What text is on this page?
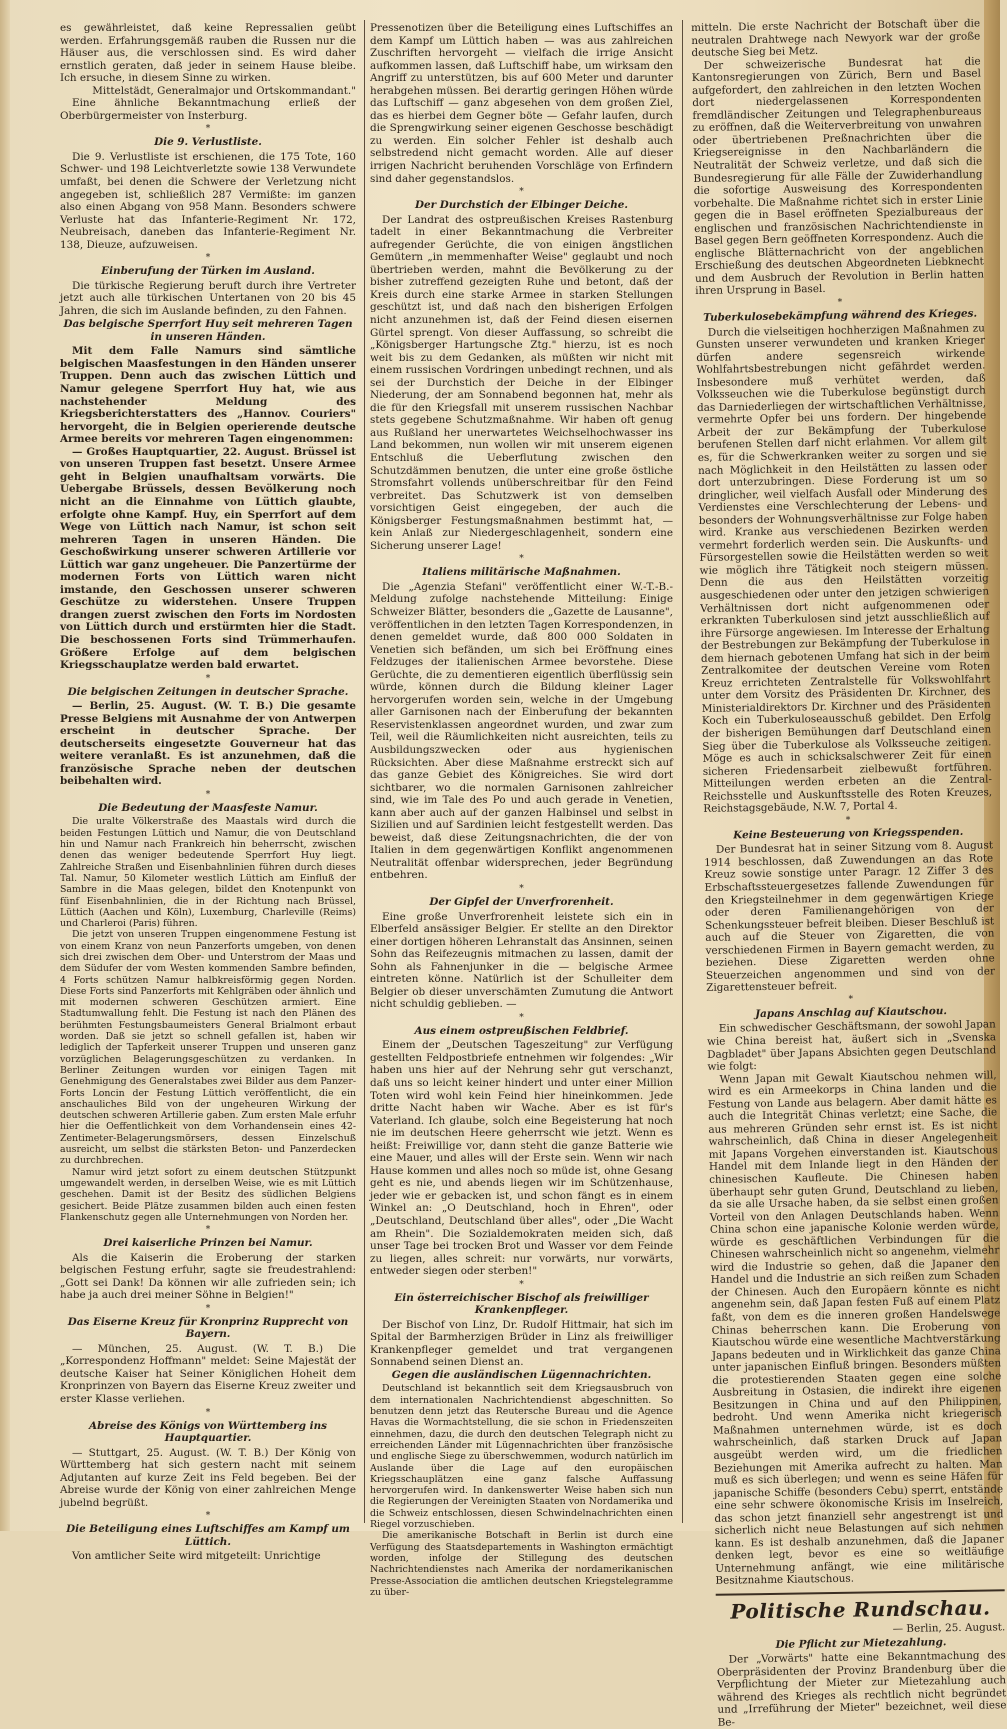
es gewährleistet, daß keine Repressalien geübt werden. Erfahrungsgemäß rauben die Russen nur die Häuser aus, die verschlossen sind. Es wird daher ernstlich geraten, daß jeder in seinem Hause bleibe. Ich ersuche, in diesem Sinne zu wirken.

Mittelstädt, Generalmajor und Ortskommandant."

Eine ähnliche Bekanntmachung erließ der Oberbürgermeister von Insterburg.

*
Die 9. Verlustliste.

Die 9. Verlustliste ist erschienen, die 175 Tote, 160 Schwer- und 198 Leichtverletzte sowie 138 Verwundete umfaßt, bei denen die Schwere der Verletzung nicht angegeben ist, schließlich 287 Vermißte: im ganzen also einen Abgang von 958 Mann. Besonders schwere Verluste hat das Infanterie-Regiment Nr. 172, Neubreisach, daneben das Infanterie-Regiment Nr. 138, Dieuze, aufzuweisen.

*
Einberufung der Türken im Ausland.

Die türkische Regierung beruft durch ihre Vertreter jetzt auch alle türkischen Untertanen von 20 bis 45 Jahren, die sich im Auslande befinden, zu den Fahnen.

Das belgische Sperrfort Huy seit mehreren Tagen in unseren Händen.

Mit dem Falle Namurs sind sämtliche belgischen Maasfestungen in den Händen unserer Truppen. Denn auch das zwischen Lüttich und Namur gelegene Sperrfort Huy hat, wie aus nachstehender Meldung des Kriegsberichterstatters des „Hannov. Couriers" hervorgeht, die in Belgien operierende deutsche Armee bereits vor mehreren Tagen eingenommen:

— Großes Hauptquartier, 22. August. Brüssel ist von unseren Truppen fast besetzt. Unsere Armee geht in Belgien unaufhaltsam vorwärts. Die Uebergabe Brüssels, dessen Bevölkerung noch nicht an die Einnahme von Lüttich glaubte, erfolgte ohne Kampf. Huy, ein Sperrfort auf dem Wege von Lüttich nach Namur, ist schon seit mehreren Tagen in unseren Händen. Die Geschoßwirkung unserer schweren Artillerie vor Lüttich war ganz ungeheuer. Die Panzertürme der modernen Forts von Lüttich waren nicht imstande, den Geschossen unserer schweren Geschütze zu widerstehen. Unsere Truppen drangen zuerst zwischen den Forts im Nordosten von Lüttich durch und erstürmten hier die Stadt. Die beschossenen Forts sind Trümmerhaufen. Größere Erfolge auf dem belgischen Kriegsschauplatze werden bald erwartet.

*
Die belgischen Zeitungen in deutscher Sprache.

— Berlin, 25. August. (W. T. B.) Die gesamte Presse Belgiens mit Ausnahme der von Antwerpen erscheint in deutscher Sprache. Der deutscherseits eingesetzte Gouverneur hat das weitere veranlaßt. Es ist anzunehmen, daß die französische Sprache neben der deutschen beibehalten wird.

*
Die Bedeutung der Maasfeste Namur.

Die uralte Völkerstraße des Maastals wird durch die beiden Festungen Lüttich und Namur, die von Deutschland hin und Namur nach Frankreich hin beherrscht, zwischen denen das weniger bedeutende Sperrfort Huy liegt. Zahlreiche Straßen und Eisenbahnlinien führen durch dieses Tal. Namur, 50 Kilometer westlich Lüttich am Einfluß der Sambre in die Maas gelegen, bildet den Knotenpunkt von fünf Eisenbahnlinien, die in der Richtung nach Brüssel, Lüttich (Aachen und Köln), Luxemburg, Charleville (Reims) und Charleroi (Paris) führen.

Die jetzt von unseren Truppen eingenommene Festung ist von einem Kranz von neun Panzerforts umgeben, von denen sich drei zwischen dem Ober- und Unterstrom der Maas und dem Südufer der vom Westen kommenden Sambre befinden, 4 Forts schützen Namur halbkreisförmig gegen Norden. Diese Forts sind Panzerforts mit Kehlgräben oder ähnlich und mit modernen schweren Geschützen armiert. Eine Stadtumwallung fehlt. Die Festung ist nach den Plänen des berühmten Festungsbaumeisters General Brialmont erbaut worden. Daß sie jetzt so schnell gefallen ist, haben wir lediglich der Tapferkeit unserer Truppen und unseren ganz vorzüglichen Belagerungsgeschützen zu verdanken. In Berliner Zeitungen wurden vor einigen Tagen mit Genehmigung des Generalstabes zwei Bilder aus dem Panzer-Forts Loncin der Festung Lüttich veröffentlicht, die ein anschauliches Bild von der ungeheuren Wirkung der deutschen schweren Artillerie gaben. Zum ersten Male erfuhr hier die Oeffentlichkeit von dem Vorhandensein eines 42-Zentimeter-Belagerungsmörsers, dessen Einzelschuß ausreicht, um selbst die stärksten Beton- und Panzerdecken zu durchbrechen.

Namur wird jetzt sofort zu einem deutschen Stützpunkt umgewandelt werden, in derselben Weise, wie es mit Lüttich geschehen. Damit ist der Besitz des südlichen Belgiens gesichert. Beide Plätze zusammen bilden auch einen festen Flankenschutz gegen alle Unternehmungen von Norden her.

*
Drei kaiserliche Prinzen bei Namur.

Als die Kaiserin die Eroberung der starken belgischen Festung erfuhr, sagte sie freudestrahlend: „Gott sei Dank! Da können wir alle zufrieden sein; ich habe ja auch drei meiner Söhne in Belgien!"

*
Das Eiserne Kreuz für Kronprinz Rupprecht von Bayern.

— München, 25. August. (W. T. B.) Die „Korrespondenz Hoffmann" meldet: Seine Majestät der deutsche Kaiser hat Seiner Königlichen Hoheit dem Kronprinzen von Bayern das Eiserne Kreuz zweiter und erster Klasse verliehen.

*
Abreise des Königs von Württemberg ins Hauptquartier.

— Stuttgart, 25. August. (W. T. B.) Der König von Württemberg hat sich gestern nacht mit seinem Adjutanten auf kurze Zeit ins Feld begeben. Bei der Abreise wurde der König von einer zahlreichen Menge jubelnd begrüßt.

*
Die Beteiligung eines Luftschiffes am Kampf um Lüttich.

Von amtlicher Seite wird mitgeteilt: Unrichtige

Pressenotizen über die Beteiligung eines Luftschiffes an dem Kampf um Lüttich haben — was aus zahlreichen Zuschriften hervorgeht — vielfach die irrige Ansicht aufkommen lassen, daß Luftschiff habe, um wirksam den Angriff zu unterstützen, bis auf 600 Meter und darunter herabgehen müssen. Bei derartig geringen Höhen würde das Luftschiff — ganz abgesehen von dem großen Ziel, das es hierbei dem Gegner böte — Gefahr laufen, durch die Sprengwirkung seiner eigenen Geschosse beschädigt zu werden. Ein solcher Fehler ist deshalb auch selbstredend nicht gemacht worden. Alle auf dieser irrigen Nachricht beruhenden Vorschläge von Erfindern sind daher gegenstandslos.

*
Der Durchstich der Elbinger Deiche.

Der Landrat des ostpreußischen Kreises Rastenburg tadelt in einer Bekanntmachung die Verbreiter aufregender Gerüchte, die von einigen ängstlichen Gemütern „in memmenhafter Weise" geglaubt und noch übertrieben werden, mahnt die Bevölkerung zu der bisher zutreffend gezeigten Ruhe und betont, daß der Kreis durch eine starke Armee in starken Stellungen geschützt ist, und daß nach den bisherigen Erfolgen nicht anzunehmen ist, daß der Feind diesen eisernen Gürtel sprengt. Von dieser Auffassung, so schreibt die „Königsberger Hartungsche Ztg." hierzu, ist es noch weit bis zu dem Gedanken, als müßten wir nicht mit einem russischen Vordringen unbedingt rechnen, und als sei der Durchstich der Deiche in der Elbinger Niederung, der am Sonnabend begonnen hat, mehr als die für den Kriegsfall mit unserem russischen Nachbar stets gegebene Schutzmaßnahme. Wir haben oft genug aus Rußland her unerwartetes Weichselhochwasser ins Land bekommen, nun wollen wir mit unserem eigenen Entschluß die Ueberflutung zwischen den Schutzdämmen benutzen, die unter eine große östliche Stromsfahrt vollends unüberschreitbar für den Feind verbreitet. Das Schutzwerk ist von demselben vorsichtigen Geist eingegeben, der auch die Königsberger Festungsmaßnahmen bestimmt hat, — kein Anlaß zur Niedergeschlagenheit, sondern eine Sicherung unserer Lage!

*
Italiens militärische Maßnahmen.

Die „Agenzia Stefani" veröffentlicht einer W.-T.-B.-Meldung zufolge nachstehende Mitteilung: Einige Schweizer Blätter, besonders die „Gazette de Lausanne", veröffentlichen in den letzten Tagen Korrespondenzen, in denen gemeldet wurde, daß 800 000 Soldaten in Venetien sich befänden, um sich bei Eröffnung eines Feldzuges der italienischen Armee bevorstehe. Diese Gerüchte, die zu dementieren eigentlich überflüssig sein würde, können durch die Bildung kleiner Lager hervorgerufen worden sein, welche in der Umgebung aller Garnisonen nach der Einberufung der bekannten Reservistenklassen angeordnet wurden, und zwar zum Teil, weil die Räumlichkeiten nicht ausreichten, teils zu Ausbildungszwecken oder aus hygienischen Rücksichten. Aber diese Maßnahme erstreckt sich auf das ganze Gebiet des Königreiches. Sie wird dort sichtbarer, wo die normalen Garnisonen zahlreicher sind, wie im Tale des Po und auch gerade in Venetien, kann aber auch auf der ganzen Halbinsel und selbst in Sizilien und auf Sardinien leicht festgestellt werden. Das beweist, daß diese Zeitungsnachrichten, die der von Italien in dem gegenwärtigen Konflikt angenommenen Neutralität offenbar widersprechen, jeder Begründung entbehren.

*
Der Gipfel der Unverfrorenheit.

Eine große Unverfrorenheit leistete sich ein in Elberfeld ansässiger Belgier. Er stellte an den Direktor einer dortigen höheren Lehranstalt das Ansinnen, seinen Sohn das Reifezeugnis mitmachen zu lassen, damit der Sohn als Fahnenjunker in die — belgische Armee eintreten könne. Natürlich ist der Schulleiter dem Belgier ob dieser unverschämten Zumutung die Antwort nicht schuldig geblieben. —

*
Aus einem ostpreußischen Feldbrief.

Einem der „Deutschen Tageszeitung" zur Verfügung gestellten Feldpostbriefe entnehmen wir folgendes: „Wir haben uns hier auf der Nehrung sehr gut verschanzt, daß uns so leicht keiner hindert und unter einer Million Toten wird wohl kein Feind hier hineinkommen. Jede dritte Nacht haben wir Wache. Aber es ist für's Vaterland. Ich glaube, solch eine Begeisterung hat noch nie im deutschen Heere geherrscht wie jetzt. Wenn es heißt: Freiwillige vor, dann steht die ganze Batterie wie eine Mauer, und alles will der Erste sein. Wenn wir nach Hause kommen und alles noch so müde ist, ohne Gesang geht es nie, und abends liegen wir im Schützenhause, jeder wie er gebacken ist, und schon fängt es in einem Winkel an: „O Deutschland, hoch in Ehren", oder „Deutschland, Deutschland über alles", oder „Die Wacht am Rhein". Die Sozialdemokraten meiden sich, daß unser Tage bei trocken Brot und Wasser vor dem Feinde zu liegen, alles schreit: nur vorwärts, nur vorwärts, entweder siegen oder sterben!"

*
Ein österreichischer Bischof als freiwilliger Krankenpfleger.

Der Bischof von Linz, Dr. Rudolf Hittmair, hat sich im Spital der Barmherzigen Brüder in Linz als freiwilliger Krankenpfleger gemeldet und trat vergangenen Sonnabend seinen Dienst an.

Gegen die ausländischen Lügennachrichten.

Deutschland ist bekanntlich seit dem Kriegsausbruch von dem internationalen Nachrichtendienst abgeschnitten. So benutzen denn jetzt das Reutersche Bureau und die Agence Havas die Wormachtstellung, die sie schon in Friedenszeiten einnehmen, dazu, die durch den deutschen Telegraph nicht zu erreichenden Länder mit Lügennachrichten über französische und englische Siege zu überschwemmen, wodurch natürlich im Auslande über die Lage auf den europäischen Kriegsschauplätzen eine ganz falsche Auffassung hervorgerufen wird. In dankenswerter Weise haben sich nun die Regierungen der Vereinigten Staaten von Nordamerika und die Schweiz entschlossen, diesen Schwindelnachrichten einen Riegel vorzuschieben.

Die amerikanische Botschaft in Berlin ist durch eine Verfügung des Staatsdepartements in Washington ermächtigt worden, infolge der Stillegung des deutschen Nachrichtendienstes nach Amerika der nordamerikanischen Presse-Association die amtlichen deutschen Kriegstelegramme zu über-

mitteln. Die erste Nachricht der Botschaft über die neutralen Drahtwege nach Newyork war der große deutsche Sieg bei Metz.

Der schweizerische Bundesrat hat die Kantonsregierungen von Zürich, Bern und Basel aufgefordert, den zahlreichen in den letzten Wochen dort niedergelassenen Korrespondenten fremdländischer Zeitungen und Telegraphenbureaus zu eröffnen, daß die Weiterverbreitung von unwahren oder übertriebenen Preßnachrichten über die Kriegsereignisse in den Nachbarländern die Neutralität der Schweiz verletze, und daß sich die Bundesregierung für alle Fälle der Zuwiderhandlung die sofortige Ausweisung des Korrespondenten vorbehalte. Die Maßnahme richtet sich in erster Linie gegen die in Basel eröffneten Spezialbureaus der englischen und französischen Nachrichtendienste in Basel gegen Bern geöffneten Korrespondenz. Auch die englische Blätternachricht von der angeblichen Erschießung des deutschen Abgeordneten Liebknecht und dem Ausbruch der Revolution in Berlin hatten ihren Ursprung in Basel.

*
Tuberkulosebekämpfung während des Krieges.

Durch die vielseitigen hochherzigen Maßnahmen zu Gunsten unserer verwundeten und kranken Krieger dürfen andere segensreich wirkende Wohlfahrtsbestrebungen nicht gefährdet werden. Insbesondere muß verhütet werden, daß Volksseuchen wie die Tuberkulose begünstigt durch das Darniederliegen der wirtschaftlichen Verhältnisse, vermehrte Opfer bei uns fordern. Der hingebende Arbeit der zur Bekämpfung der Tuberkulose berufenen Stellen darf nicht erlahmen. Vor allem gilt es, für die Schwerkranken weiter zu sorgen und sie nach Möglichkeit in den Heilstätten zu lassen oder dort unterzubringen. Diese Forderung ist um so dringlicher, weil vielfach Ausfall oder Minderung des Verdienstes eine Verschlechterung der Lebens- und besonders der Wohnungsverhältnisse zur Folge haben wird. Kranke aus verschiedenen Bezirken werden vermehrt forderlich werden sein. Die Auskunfts- und Fürsorgestellen sowie die Heilstätten werden so weit wie möglich ihre Tätigkeit noch steigern müssen. Denn die aus den Heilstätten vorzeitig ausgeschiedenen oder unter den jetzigen schwierigen Verhältnissen dort nicht aufgenommenen oder erkrankten Tuberkulosen sind jetzt ausschließlich auf ihre Fürsorge angewiesen. Im Interesse der Erhaltung der Bestrebungen zur Bekämpfung der Tuberkulose in dem hiernach gebotenen Umfang hat sich in der beim Zentralkomitee der deutschen Vereine vom Roten Kreuz errichteten Zentralstelle für Volkswohlfahrt unter dem Vorsitz des Präsidenten Dr. Kirchner, des Ministerialdirektors Dr. Kirchner und des Präsidenten Koch ein Tuberkuloseausschuß gebildet. Den Erfolg der bisherigen Bemühungen darf Deutschland einen Sieg über die Tuberkulose als Volksseuche zeitigen. Möge es auch in schicksalschwerer Zeit für einen sicheren Friedensarbeit zielbewußt fortführen. Mitteilungen werden erbeten an die Zentral-Reichsstelle und Auskunftsstelle des Roten Kreuzes, Reichstagsgebäude, N.W. 7, Portal 4.

*
Keine Besteuerung von Kriegsspenden.

Der Bundesrat hat in seiner Sitzung vom 8. August 1914 beschlossen, daß Zuwendungen an das Rote Kreuz sowie sonstige unter Paragr. 12 Ziffer 3 des Erbschaftssteuergesetzes fallende Zuwendungen für den Kriegsteilnehmer in dem gegenwärtigen Kriege oder deren Familienangehörigen von der Schenkungssteuer befreit bleiben. Dieser Beschluß ist auch auf die Steuer von Zigaretten, die von verschiedenen Firmen in Bayern gemacht werden, zu beziehen. Diese Zigaretten werden ohne Steuerzeichen angenommen und sind von der Zigarettensteuer befreit.

*
Japans Anschlag auf Kiautschou.

Ein schwedischer Geschäftsmann, der sowohl Japan wie China bereist hat, äußert sich in „Svenska Dagbladet" über Japans Absichten gegen Deutschland wie folgt:

Wenn Japan mit Gewalt Kiautschou nehmen will, wird es ein Armeekorps in China landen und die Festung von Lande aus belagern. Aber damit hätte es auch die Integrität Chinas verletzt; eine Sache, die aus mehreren Gründen sehr ernst ist. Es ist nicht wahrscheinlich, daß China in dieser Angelegenheit mit Japans Vorgehen einverstanden ist. Kiautschous Handel mit dem Inlande liegt in den Händen der chinesischen Kaufleute. Die Chinesen haben überhaupt sehr guten Grund, Deutschland zu lieben, da sie alle Ursache haben, da sie selbst einen großen Vorteil von den Anlagen Deutschlands haben. Wenn China schon eine japanische Kolonie werden würde, würde es geschäftlichen Verbindungen für die Chinesen wahrscheinlich nicht so angenehm, vielmehr wird die Industrie so gehen, daß die Japaner den Handel und die Industrie an sich reißen zum Schaden der Chinesen. Auch den Europäern könnte es nicht angenehm sein, daß Japan festen Fuß auf einem Platz faßt, von dem es die inneren großen Handelswege Chinas beherrschen kann. Die Eroberung von Kiautschou würde eine wesentliche Machtverstärkung Japans bedeuten und in Wirklichkeit das ganze China unter japanischen Einfluß bringen. Besonders müßten die protestierenden Staaten gegen eine solche Ausbreitung in Ostasien, die indirekt ihre eigenen Besitzungen in China und auf den Philippinen, bedroht. Und wenn Amerika nicht kriegerisch Maßnahmen unternehmen würde, ist es doch wahrscheinlich, daß starken Druck auf Japan ausgeübt werden wird, um die friedlichen Beziehungen mit Amerika aufrecht zu halten. Man muß es sich überlegen; und wenn es seine Häfen für japanische Schiffe (besonders Cebu) sperrt, entstände eine sehr schwere ökonomische Krisis im Inselreich, das schon jetzt finanziell sehr angestrengt ist und sicherlich nicht neue Belastungen auf sich nehmen kann. Es ist deshalb anzunehmen, daß die Japaner denken legt, bevor es eine so weitläufige Unternehmung anfängt, wie eine militärische Besitznahme Kiautschous.

Politische Rundschau.

— Berlin, 25. August.

Die Pflicht zur Mietezahlung.

Der „Vorwärts" hatte eine Bekanntmachung des Oberpräsidenten der Provinz Brandenburg über die Verpflichtung der Mieter zur Mietezahlung auch während des Krieges als rechtlich nicht begründet und „Irreführung der Mieter" bezeichnet, weil diese Be-
